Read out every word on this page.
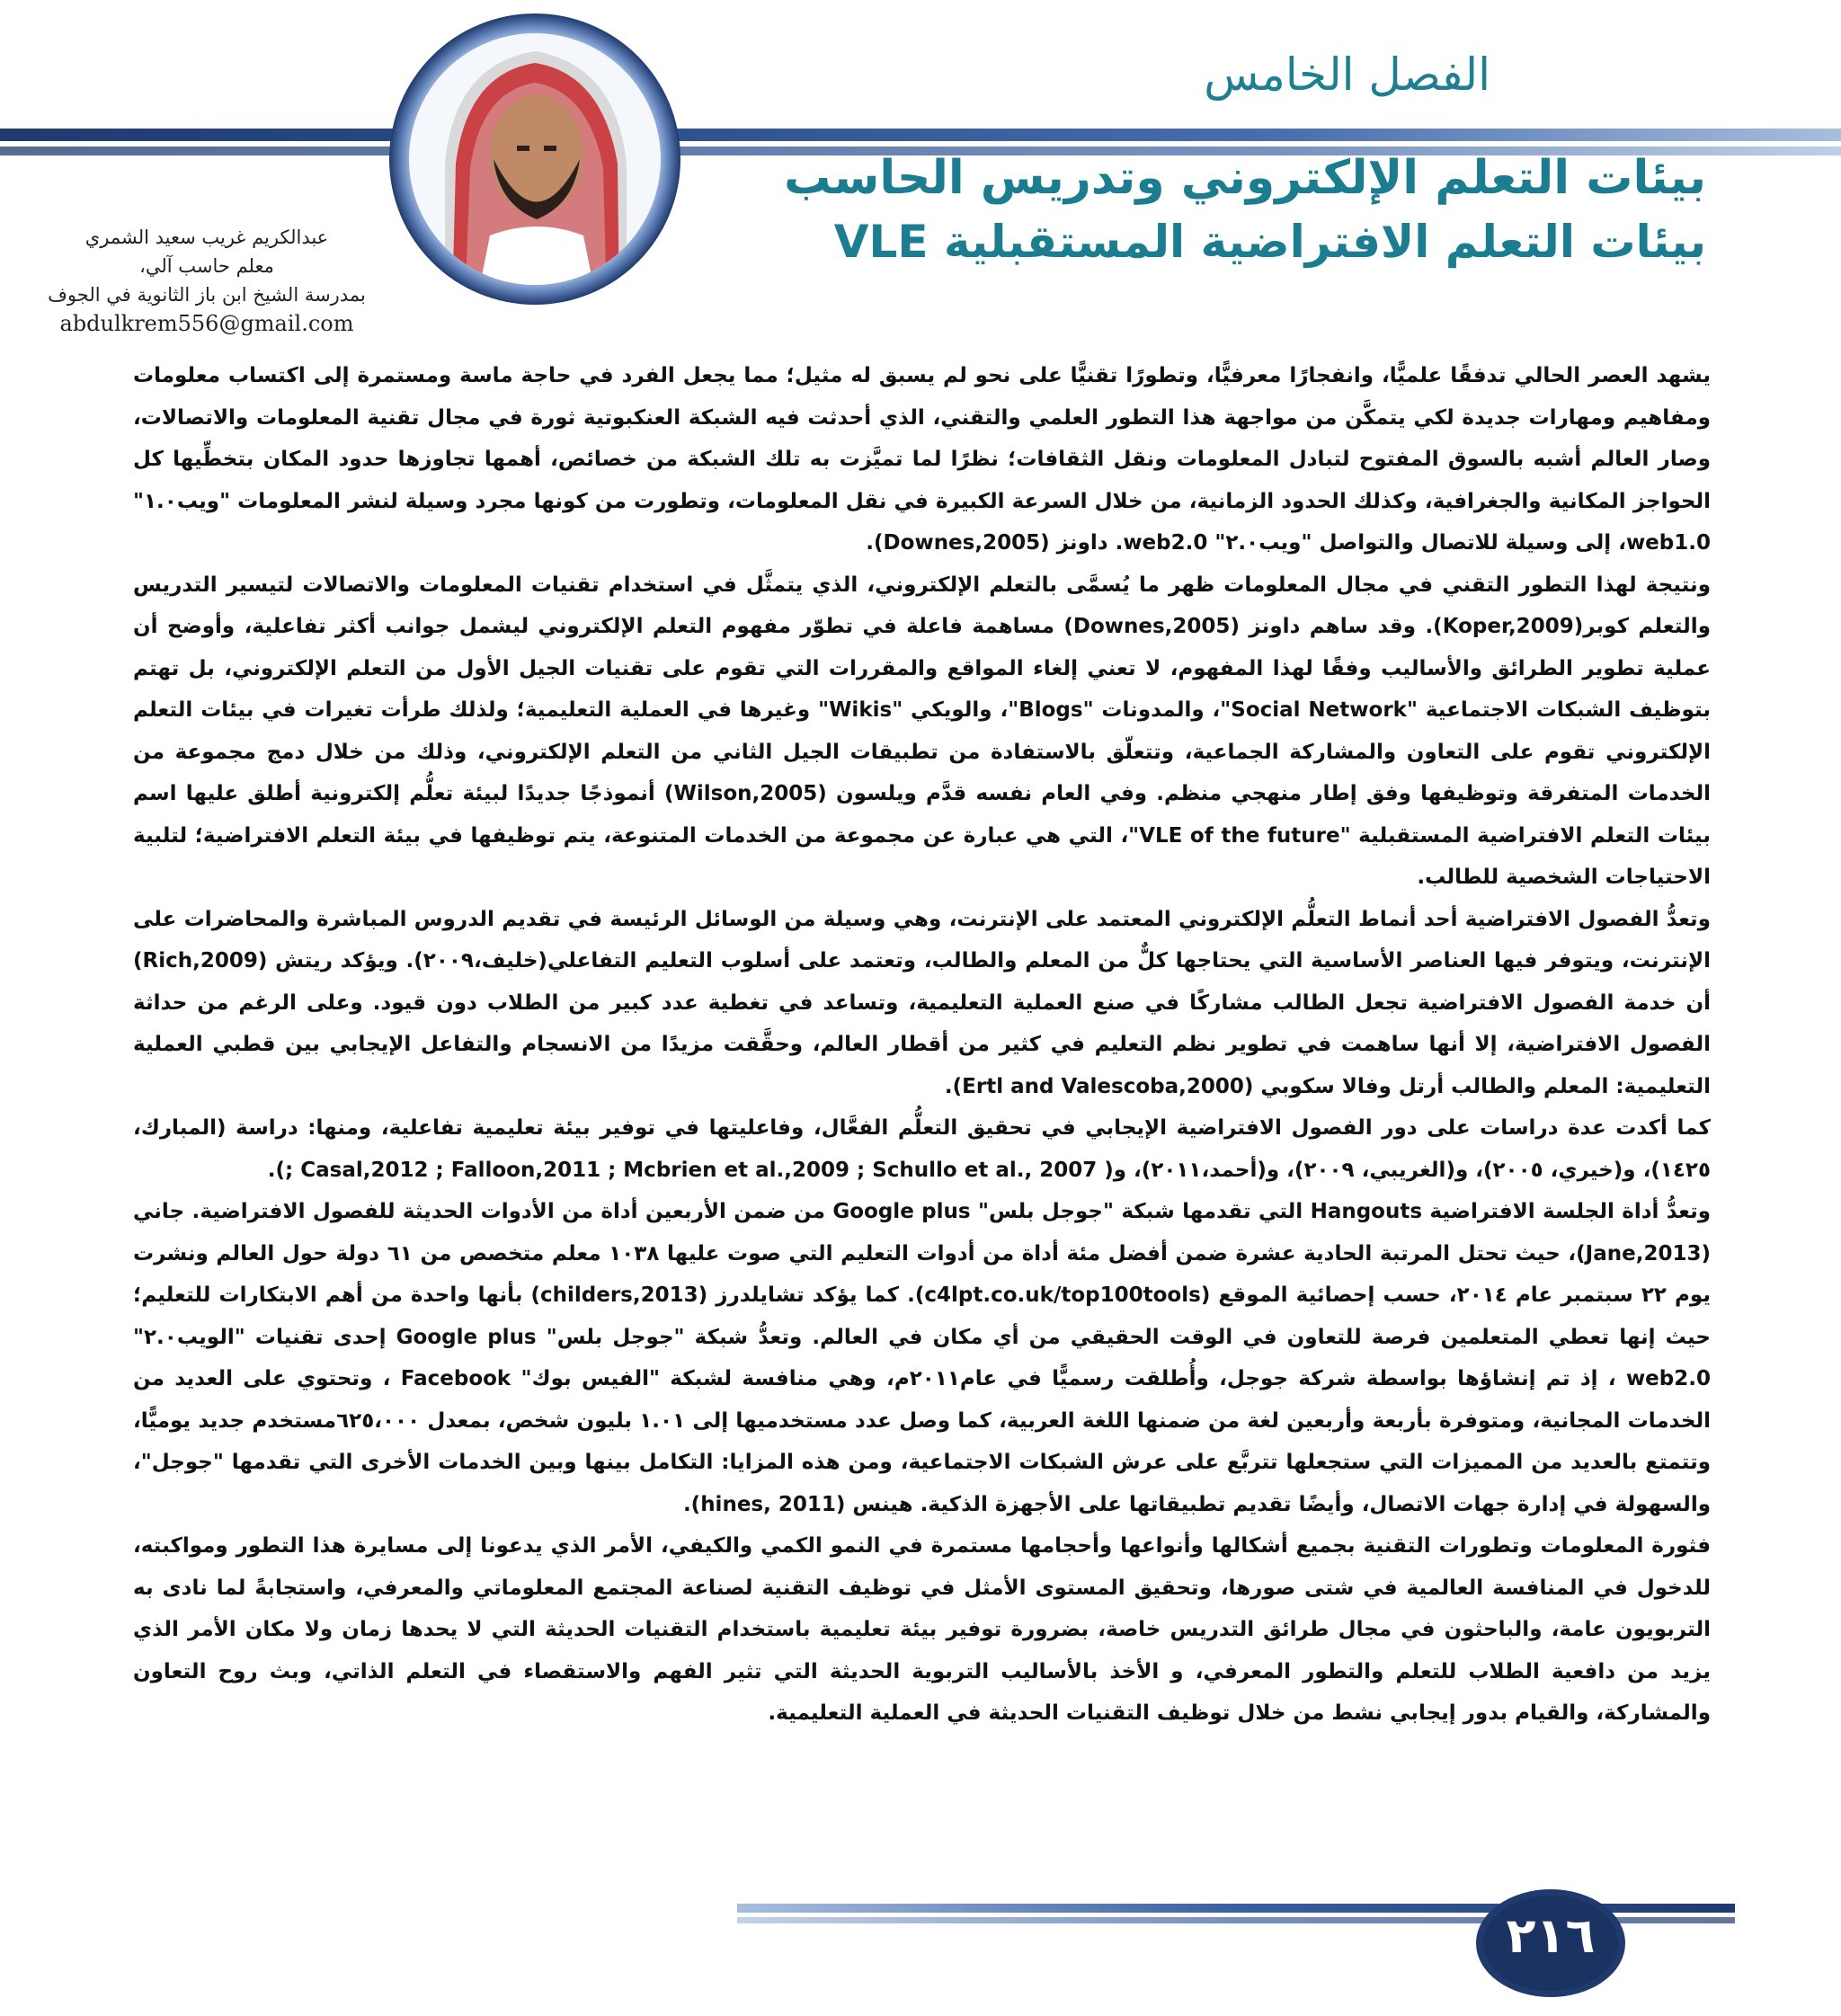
الفصل الخامس
بيئات التعلم الإلكتروني وتدريس الحاسب
بيئات التعلم الافتراضية المستقبلية VLE
عبدالكريم غريب سعيد الشمري
معلم حاسب آلي،
بمدرسة الشيخ ابن باز الثانوية في الجوف
abdulkrem556@gmail.com

يشهد العصر الحالي تدفقًا علميًّا، وانفجارًا معرفيًّا، وتطورًا تقنيًّا على نحو لم يسبق له مثيل؛ مما يجعل الفرد في حاجة ماسة ومستمرة إلى اكتساب معلومات ومفاهيم ومهارات جديدة لكي يتمكَّن من مواجهة هذا التطور العلمي والتقني، الذي أحدثت فيه الشبكة العنكبوتية ثورة في مجال تقنية المعلومات والاتصالات، وصار العالم أشبه بالسوق المفتوح لتبادل المعلومات ونقل الثقافات؛ نظرًا لما تميَّزت به تلك الشبكة من خصائص، أهمها تجاوزها حدود المكان بتخطِّيها كل الحواجز المكانية والجغرافية، وكذلك الحدود الزمانية، من خلال السرعة الكبيرة في نقل المعلومات، وتطورت من كونها مجرد وسيلة لنشر المعلومات "ويب١.٠" web1.0، إلى وسيلة للاتصال والتواصل "ويب٢.٠" web2.0. داونز (Downes,2005).

ونتيجة لهذا التطور التقني في مجال المعلومات ظهر ما يُسمَّى بالتعلم الإلكتروني، الذي يتمثَّل في استخدام تقنيات المعلومات والاتصالات لتيسير التدريس والتعلم كوبر(Koper,2009). وقد ساهم داونز (Downes,2005) مساهمة فاعلة في تطوّر مفهوم التعلم الإلكتروني ليشمل جوانب أكثر تفاعلية، وأوضح أن عملية تطوير الطرائق والأساليب وفقًا لهذا المفهوم، لا تعني إلغاء المواقع والمقررات التي تقوم على تقنيات الجيل الأول من التعلم الإلكتروني، بل تهتم بتوظيف الشبكات الاجتماعية "Social Network"، والمدونات "Blogs"، والويكي "Wikis" وغيرها في العملية التعليمية؛ ولذلك طرأت تغيرات في بيئات التعلم الإلكتروني تقوم على التعاون والمشاركة الجماعية، وتتعلّق بالاستفادة من تطبيقات الجيل الثاني من التعلم الإلكتروني، وذلك من خلال دمج مجموعة من الخدمات المتفرقة وتوظيفها وفق إطار منهجي منظم. وفي العام نفسه قدَّم ويلسون (Wilson,2005) أنموذجًا جديدًا لبيئة تعلُّم إلكترونية أطلق عليها اسم بيئات التعلم الافتراضية المستقبلية "VLE of the future"، التي هي عبارة عن مجموعة من الخدمات المتنوعة، يتم توظيفها في بيئة التعلم الافتراضية؛ لتلبية الاحتياجات الشخصية للطالب.

وتعدُّ الفصول الافتراضية أحد أنماط التعلُّم الإلكتروني المعتمد على الإنترنت، وهي وسيلة من الوسائل الرئيسة في تقديم الدروس المباشرة والمحاضرات على الإنترنت، ويتوفر فيها العناصر الأساسية التي يحتاجها كلٌّ من المعلم والطالب، وتعتمد على أسلوب التعليم التفاعلي(خليف،٢٠٠٩). ويؤكد ريتش (Rich,2009) أن خدمة الفصول الافتراضية تجعل الطالب مشاركًا في صنع العملية التعليمية، وتساعد في تغطية عدد كبير من الطلاب دون قيود. وعلى الرغم من حداثة الفصول الافتراضية، إلا أنها ساهمت في تطوير نظم التعليم في كثير من أقطار العالم، وحقَّقت مزيدًا من الانسجام والتفاعل الإيجابي بين قطبي العملية التعليمية: المعلم والطالب أرتل وفالا سكوبي (Ertl and Valescoba,2000).

كما أكدت عدة دراسات على دور الفصول الافتراضية الإيجابي في تحقيق التعلُّم الفعَّال، وفاعليتها في توفير بيئة تعليمية تفاعلية، ومنها: دراسة (المبارك، ١٤٢٥)، و(خيري، ٢٠٠٥)، و(الغريبي، ٢٠٠٩)، و(أحمد،٢٠١١)، و( Casal,2012 ; Falloon,2011 ; Mcbrien et al.,2009 ; Schullo et al., 2007 ;).

وتعدُّ أداة الجلسة الافتراضية Hangouts التي تقدمها شبكة "جوجل بلس" Google plus من ضمن الأربعين أداة من الأدوات الحديثة للفصول الافتراضية. جاني (Jane,2013)، حيث تحتل المرتبة الحادية عشرة ضمن أفضل مئة أداة من أدوات التعليم التي صوت عليها ١٠٣٨ معلم متخصص من ٦١ دولة حول العالم ونشرت يوم ٢٢ سبتمبر عام ٢٠١٤، حسب إحصائية الموقع (c4lpt.co.uk/top100tools). كما يؤكد تشايلدرز (childers,2013) بأنها واحدة من أهم الابتكارات للتعليم؛ حيث إنها تعطي المتعلمين فرصة للتعاون في الوقت الحقيقي من أي مكان في العالم. وتعدُّ شبكة "جوجل بلس" Google plus إحدى تقنيات "الويب٢.٠" web2.0 ، إذ تم إنشاؤها بواسطة شركة جوجل، وأُطلقت رسميًّا في عام٢٠١١م، وهي منافسة لشبكة "الفيس بوك" Facebook ، وتحتوي على العديد من الخدمات المجانية، ومتوفرة بأربعة وأربعين لغة من ضمنها اللغة العربية، كما وصل عدد مستخدميها إلى ١.٠١ بليون شخص، بمعدل ٦٢٥،٠٠٠مستخدم جديد يوميًّا، وتتمتع بالعديد من المميزات التي ستجعلها تتربَّع على عرش الشبكات الاجتماعية، ومن هذه المزايا: التكامل بينها وبين الخدمات الأخرى التي تقدمها "جوجل"، والسهولة في إدارة جهات الاتصال، وأيضًا تقديم تطبيقاتها على الأجهزة الذكية. هينس (hines, 2011).

فثورة المعلومات وتطورات التقنية بجميع أشكالها وأنواعها وأحجامها مستمرة في النمو الكمي والكيفي، الأمر الذي يدعونا إلى مسايرة هذا التطور ومواكبته، للدخول في المنافسة العالمية في شتى صورها، وتحقيق المستوى الأمثل في توظيف التقنية لصناعة المجتمع المعلوماتي والمعرفي، واستجابةً لما نادى به التربويون عامة، والباحثون في مجال طرائق التدريس خاصة، بضرورة توفير بيئة تعليمية باستخدام التقنيات الحديثة التي لا يحدها زمان ولا مكان الأمر الذي يزيد من دافعية الطلاب للتعلم والتطور المعرفي، و الأخذ بالأساليب التربوية الحديثة التي تثير الفهم والاستقصاء في التعلم الذاتي، وبث روح التعاون والمشاركة، والقيام بدور إيجابي نشط من خلال توظيف التقنيات الحديثة في العملية التعليمية.

٢١٦
